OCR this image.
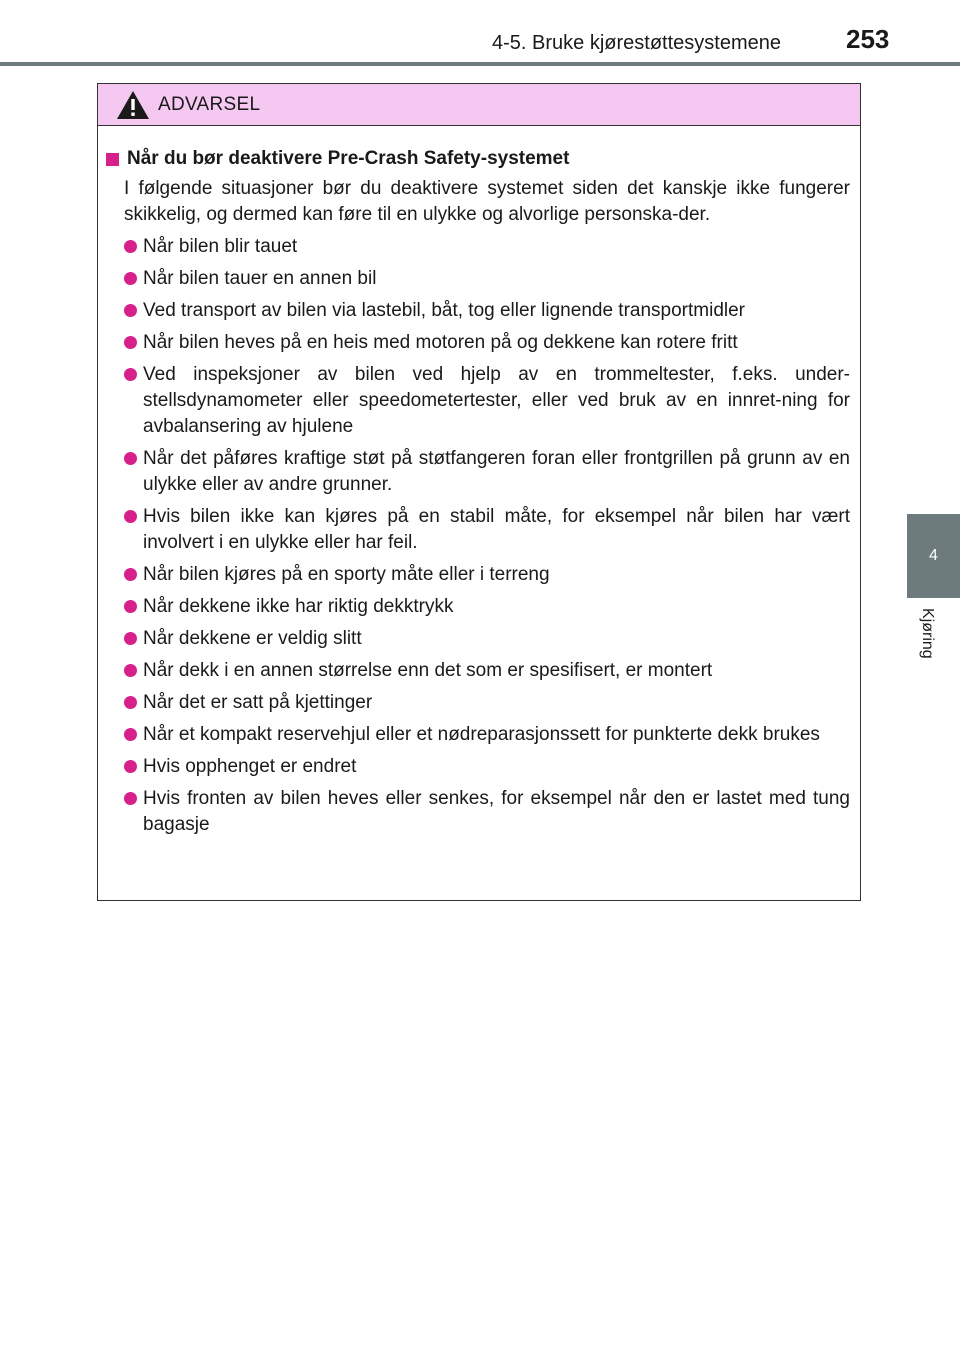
4-5. Bruke kjørestøttesystemene	253
4
Kjøring
ADVARSEL
Når du bør deaktivere Pre-Crash Safety-systemet
I følgende situasjoner bør du deaktivere systemet siden det kanskje ikke fungerer skikkelig, og dermed kan føre til en ulykke og alvorlige personska-der.
Når bilen blir tauet
Når bilen tauer en annen bil
Ved transport av bilen via lastebil, båt, tog eller lignende transportmidler
Når bilen heves på en heis med motoren på og dekkene kan rotere fritt
Ved inspeksjoner av bilen ved hjelp av en trommeltester, f.eks. under-stellsdynamometer eller speedometertester, eller ved bruk av en innret-ning for avbalansering av hjulene
Når det påføres kraftige støt på støtfangeren foran eller frontgrillen på grunn av en ulykke eller av andre grunner.
Hvis bilen ikke kan kjøres på en stabil måte, for eksempel når bilen har vært involvert i en ulykke eller har feil.
Når bilen kjøres på en sporty måte eller i terreng
Når dekkene ikke har riktig dekktrykk
Når dekkene er veldig slitt
Når dekk i en annen størrelse enn det som er spesifisert, er montert
Når det er satt på kjettinger
Når et kompakt reservehjul eller et nødreparasjonssett for punkterte dekk brukes
Hvis opphenget er endret
Hvis fronten av bilen heves eller senkes, for eksempel når den er lastet med tung bagasje
